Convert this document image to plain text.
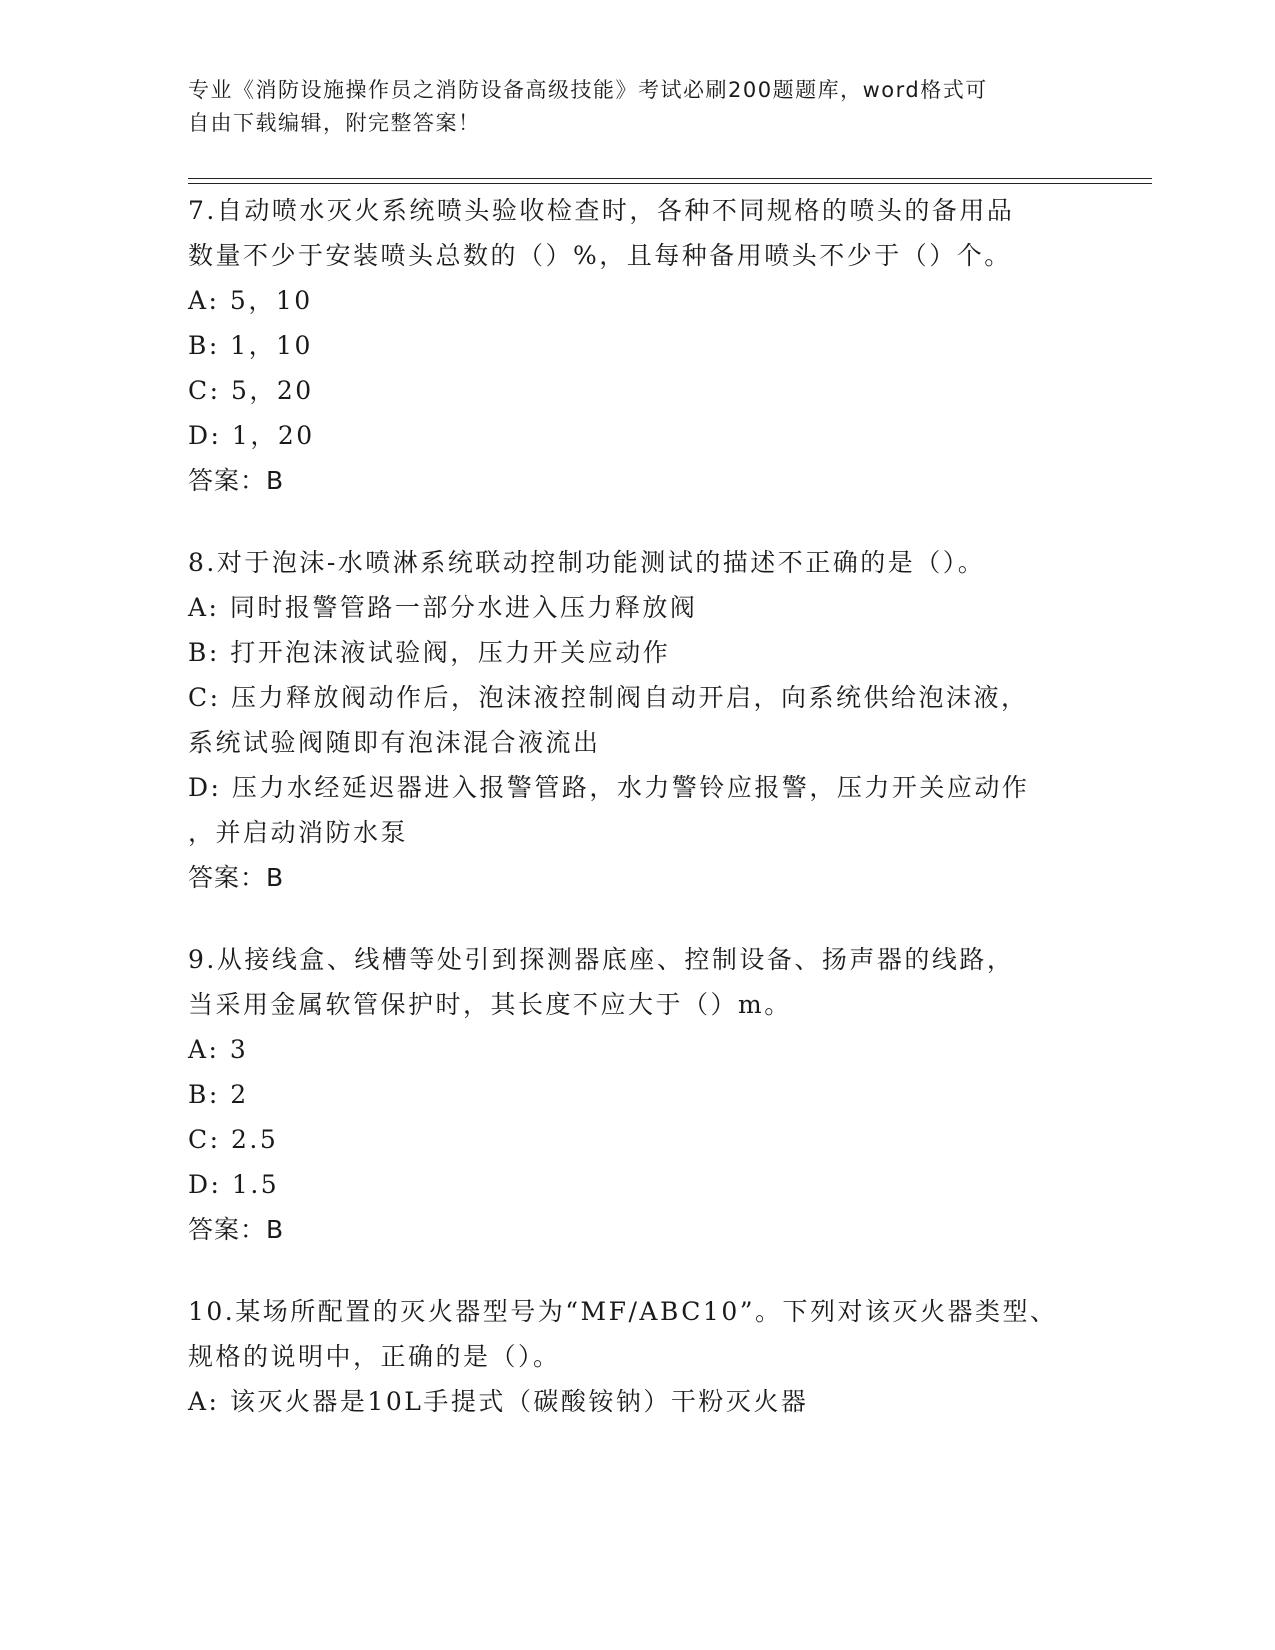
专业《消防设施操作员之消防设备高级技能》考试必刷200题题库，word格式可
自由下载编辑，附完整答案！
7.自动喷水灭火系统喷头验收检查时，各种不同规格的喷头的备用品
数量不少于安装喷头总数的（）%，且每种备用喷头不少于（）个。
A: 5，10
B: 1，10
C: 5，20
D: 1，20
答案：B
8.对于泡沫-水喷淋系统联动控制功能测试的描述不正确的是（）。
A: 同时报警管路一部分水进入压力释放阀
B: 打开泡沫液试验阀，压力开关应动作
C: 压力释放阀动作后，泡沫液控制阀自动开启，向系统供给泡沫液，
系统试验阀随即有泡沫混合液流出
D: 压力水经延迟器进入报警管路，水力警铃应报警，压力开关应动作
，并启动消防水泵
答案：B
9.从接线盒、线槽等处引到探测器底座、控制设备、扬声器的线路，
当采用金属软管保护时，其长度不应大于（）m。
A: 3
B: 2
C: 2.5
D: 1.5
答案：B
10.某场所配置的灭火器型号为“MF/ABC10”。下列对该灭火器类型、
规格的说明中，正确的是（）。
A: 该灭火器是10L手提式（碳酸铵钠）干粉灭火器
